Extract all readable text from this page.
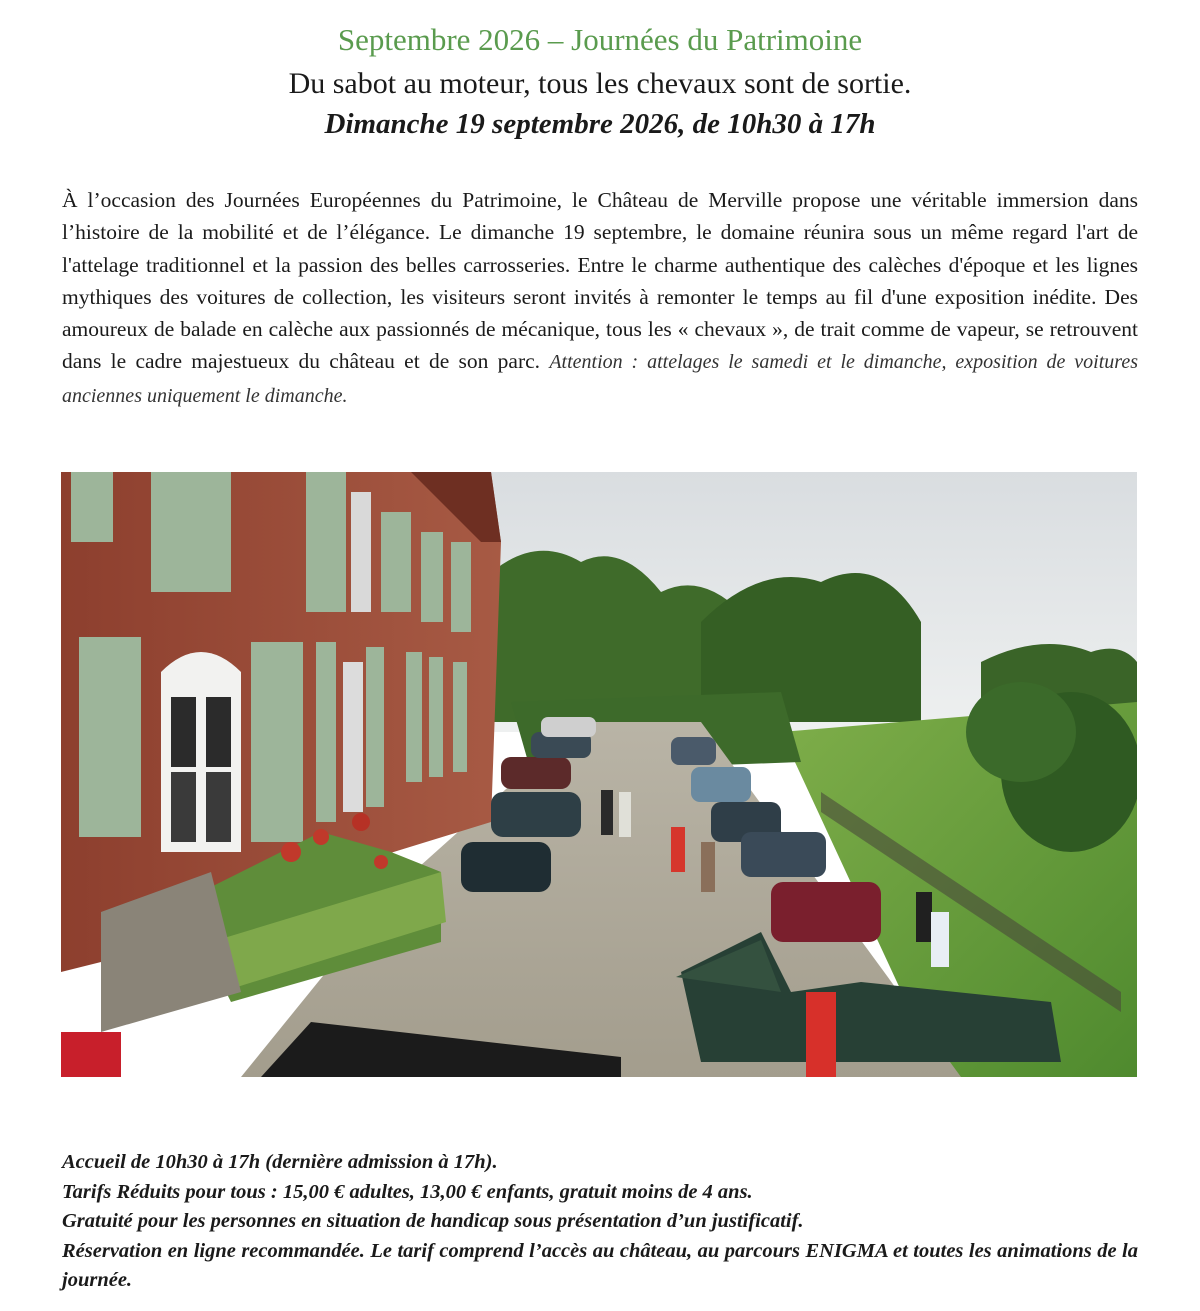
Septembre 2026 – Journées du Patrimoine
Du sabot au moteur, tous les chevaux sont de sortie.
Dimanche 19 septembre 2026, de 10h30 à 17h

À l’occasion des Journées Européennes du Patrimoine, le Château de Merville propose une véritable immersion dans l’histoire de la mobilité et de l’élégance. Le dimanche 19 septembre, le domaine réunira sous un même regard l'art de l'attelage traditionnel et la passion des belles carrosseries. Entre le charme authentique des calèches d'époque et les lignes mythiques des voitures de collection, les visiteurs seront invités à remonter le temps au fil d'une exposition inédite. Des amoureux de balade en calèche aux passionnés de mécanique, tous les « chevaux », de trait comme de vapeur, se retrouvent dans le cadre majestueux du château et de son parc. Attention : attelages le samedi et le dimanche, exposition de voitures anciennes uniquement le dimanche.

Accueil de 10h30 à 17h (dernière admission à 17h).

Tarifs Réduits pour tous : 15,00 € adultes, 13,00 € enfants, gratuit moins de 4 ans.

Gratuité pour les personnes en situation de handicap sous présentation d’un justificatif.

Réservation en ligne recommandée. Le tarif comprend l’accès au château, au parcours ENIGMA et toutes les animations de la journée.
